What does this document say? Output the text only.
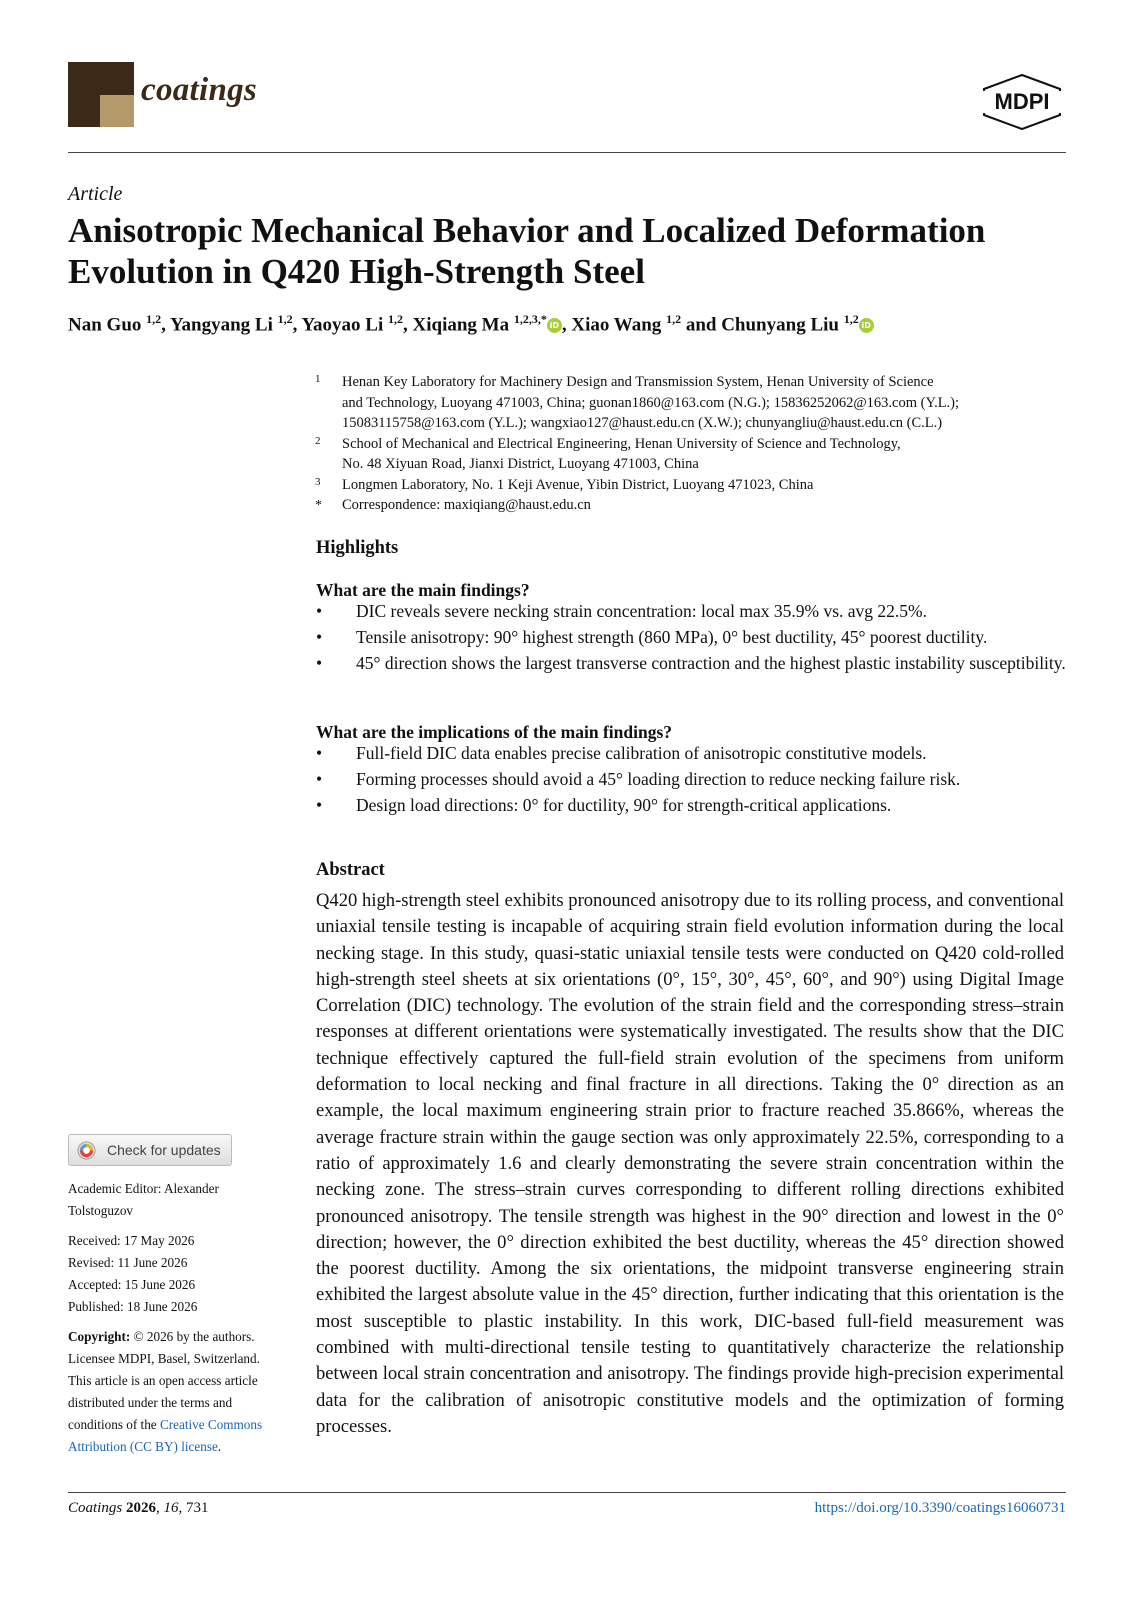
coatings	MDPI
Article
Anisotropic Mechanical Behavior and Localized Deformation
Evolution in Q420 High-Strength Steel
Nan Guo $^{1,2}$, Yangyang Li $^{1,2}$, Yaoyao Li $^{1,2}$, Xiqiang Ma $^{1,2,3,*}$ iD , Xiao Wang $^{1,2}$ and Chunyang Liu $^{1,2}$ iD
1 Henan Key Laboratory for Machinery Design and Transmission System, Henan University of Science
and Technology, Luoyang 471003, China; guonan1860@163.com (N.G.); 15836252062@163.com (Y.L.);
15083115758@163.com (Y.L.); wangxiao127@haust.edu.cn (X.W.); chunyangliu@haust.edu.cn (C.L.)
2 School of Mechanical and Electrical Engineering, Henan University of Science and Technology,
No. 48 Xiyuan Road, Jianxi District, Luoyang 471003, China
3 Longmen Laboratory, No. 1 Keji Avenue, Yibin District, Luoyang 471023, China
* Correspondence: maxiqiang@haust.edu.cn
Highlights
What are the main findings?
•	DIC reveals severe necking strain concentration: local max 35.9% vs. avg 22.5%.
•	Tensile anisotropy: 90° highest strength (860 MPa), 0° best ductility, 45° poorest ductility.
•	45° direction shows the largest transverse contraction and the highest plastic instability susceptibility.
What are the implications of the main findings?
•	Full-field DIC data enables precise calibration of anisotropic constitutive models.
•	Forming processes should avoid a 45° loading direction to reduce necking failure risk.
•	Design load directions: 0° for ductility, 90° for strength-critical applications.
Abstract
Q420 high-strength steel exhibits pronounced anisotropy due to its rolling process, and conventional uniaxial tensile testing is incapable of acquiring strain field evolution information during the local necking stage. In this study, quasi-static uniaxial tensile tests were conducted on Q420 cold-rolled high-strength steel sheets at six orientations (0°, 15°, 30°, 45°, 60°, and 90°) using Digital Image Correlation (DIC) technology. The evolution of the strain field and the corresponding stress–strain responses at different orientations were systematically investigated. The results show that the DIC technique effectively captured the full-field strain evolution of the specimens from uniform deformation to local necking and final fracture in all directions. Taking the 0° direction as an example, the local maximum engineering strain prior to fracture reached 35.866%, whereas the average fracture strain within the gauge section was only approximately 22.5%, corresponding to a ratio of approximately 1.6 and clearly demonstrating the severe strain concentration within the necking zone. The stress–strain curves corresponding to different rolling directions exhibited pronounced anisotropy. The tensile strength was highest in the 90° direction and lowest in the 0° direction; however, the 0° direction exhibited the best ductility, whereas the 45° direction showed the poorest ductility. Among the six orientations, the midpoint transverse engineering strain exhibited the largest absolute value in the 45° direction, further indicating that this orientation is the most susceptible to plastic instability. In this work, DIC-based full-field measurement was combined with multi-directional tensile testing to quantitatively characterize the relationship between local strain concentration and anisotropy. The findings provide high-precision experimental data for the calibration of anisotropic constitutive models and the optimization of forming processes.
Check for updates

Academic Editor: Alexander

Tolstoguzov

Received: 17 May 2026

Revised: 11 June 2026

Accepted: 15 June 2026

Published: 18 June 2026

Copyright: © 2026 by the authors.

Licensee MDPI, Basel, Switzerland.

This article is an open access article

distributed under the terms and

conditions of the Creative Commons

Attribution (CC BY) license.

Coatings 2026, 16, 731	https://doi.org/10.3390/coatings16060731
